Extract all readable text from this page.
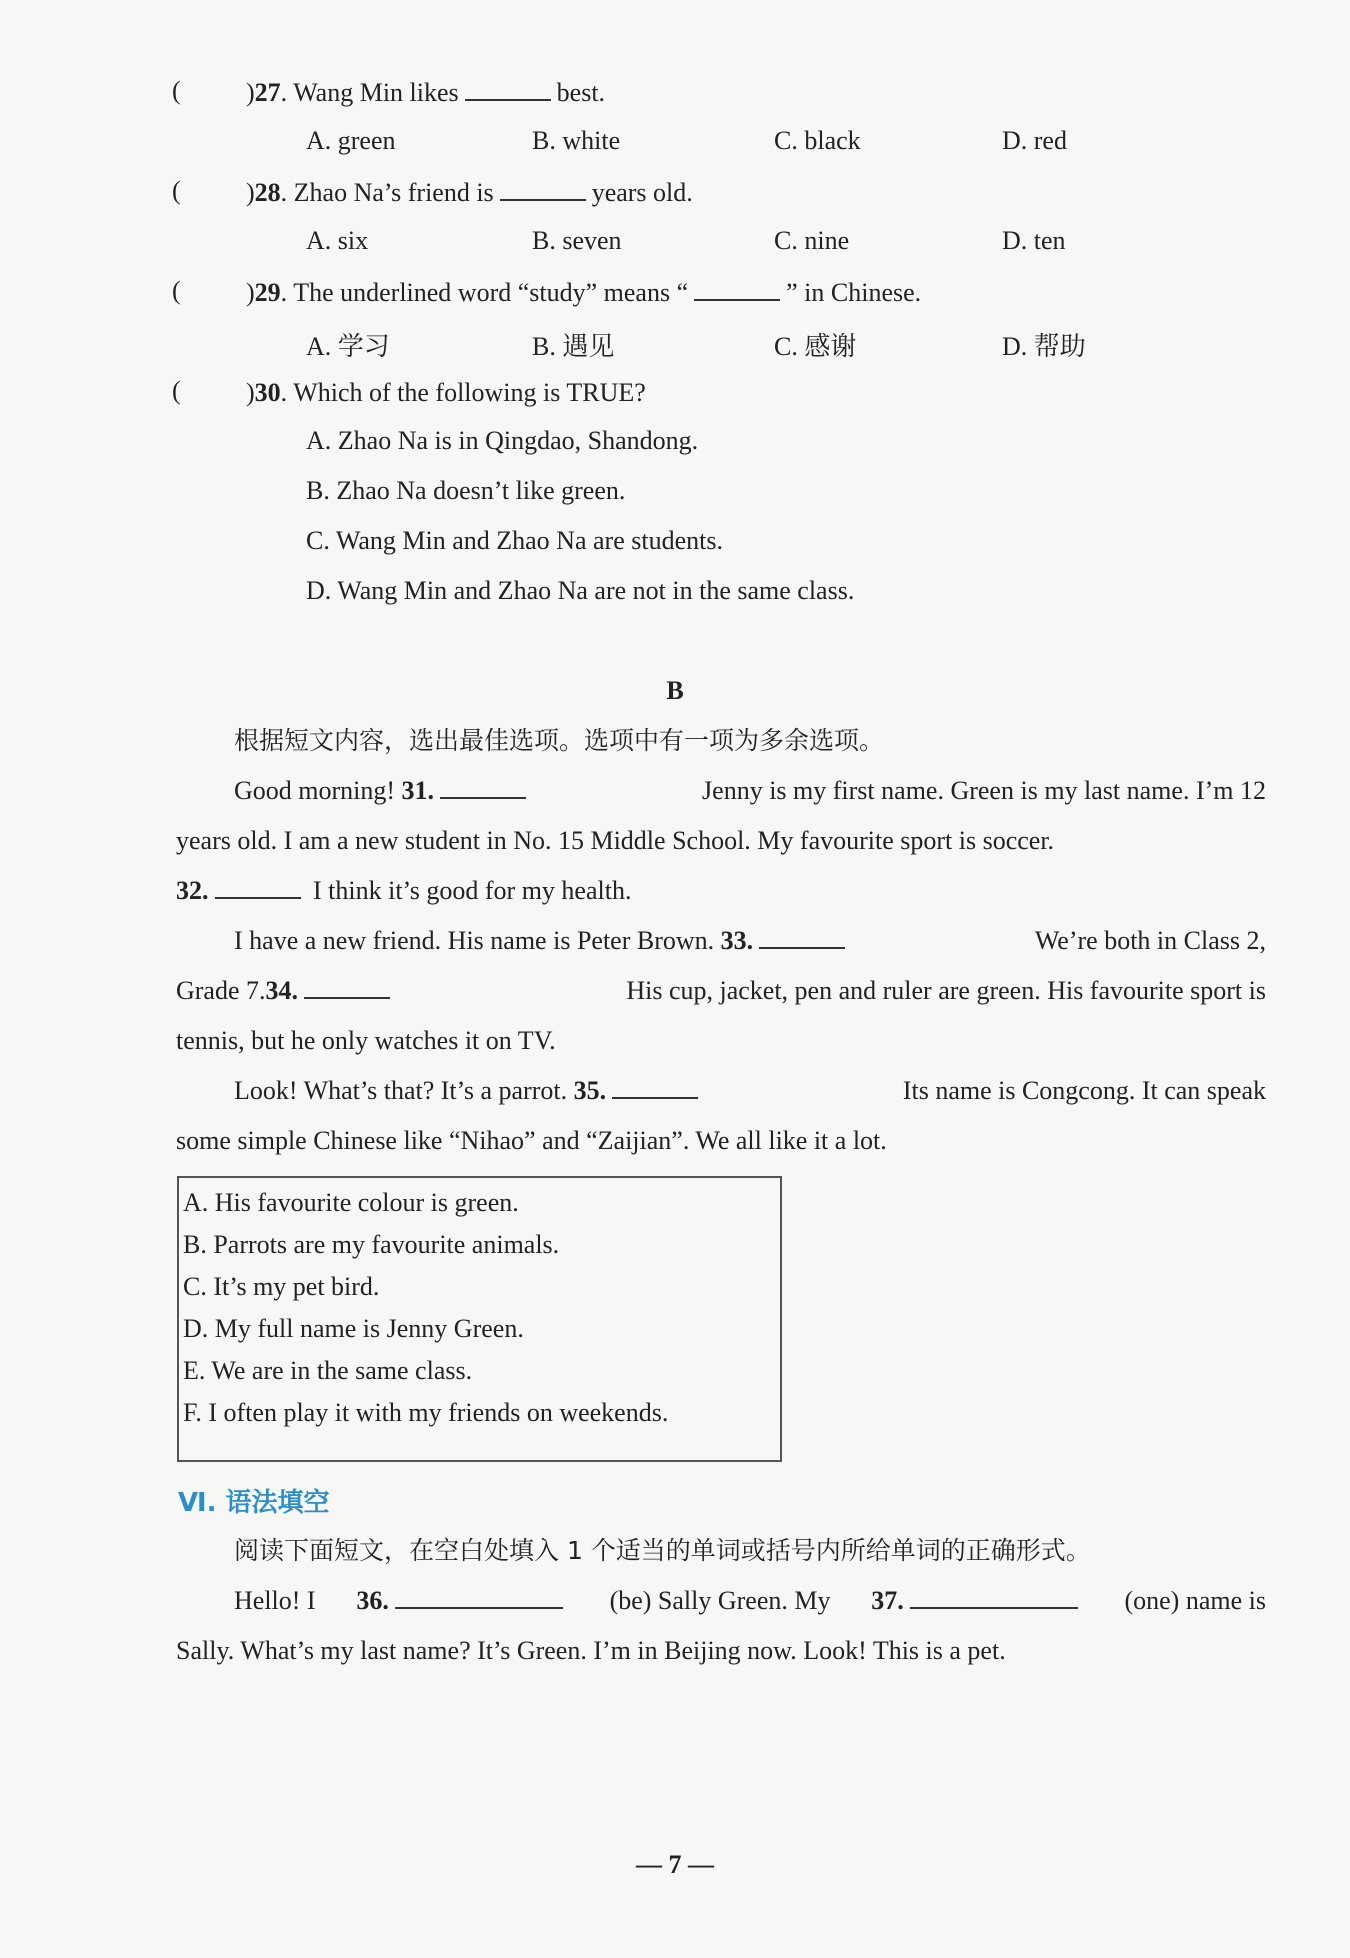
(	)27. Wang Min likes	best.
A. green	B. white	C. black	D. red
(	)28. Zhao Na’s friend is	years old.
A. six	B. seven	C. nine	D. ten
(	)29. The underlined word “study” means “	” in Chinese.
A. 学习	B. 遇见	C. 感谢	D. 帮助
(	)30. Which of the following is TRUE?
A. Zhao Na is in Qingdao, Shandong.
B. Zhao Na doesn’t like green.
C. Wang Min and Zhao Na are students.
D. Wang Min and Zhao Na are not in the same class.
B
根据短文内容，选出最佳选项。选项中有一项为多余选项。
Good morning! 31.	Jenny is my first name. Green is my last name. I’m 12
years old. I am a new student in No. 15 Middle School. My favourite sport is soccer.
32.	I think it’s good for my health.
I have a new friend. His name is Peter Brown. 33.	We’re both in Class 2,
Grade 7.34.	His cup, jacket, pen and ruler are green. His favourite sport is
tennis, but he only watches it on TV.
Look! What’s that? It’s a parrot. 35.	Its name is Congcong. It can speak
some simple Chinese like “Nihao” and “Zaijian”. We all like it a lot.
A. His favourite colour is green.
B. Parrots are my favourite animals.
C. It’s my pet bird.
D. My full name is Jenny Green.
E. We are in the same class.
F. I often play it with my friends on weekends.
Ⅵ. 语法填空
阅读下面短文，在空白处填入 1 个适当的单词或括号内所给单词的正确形式。
Hello! I 36.	(be) Sally Green. My 37.	(one) name is
Sally. What’s my last name? It’s Green. I’m in Beijing now. Look! This is a pet.
— 7 —
